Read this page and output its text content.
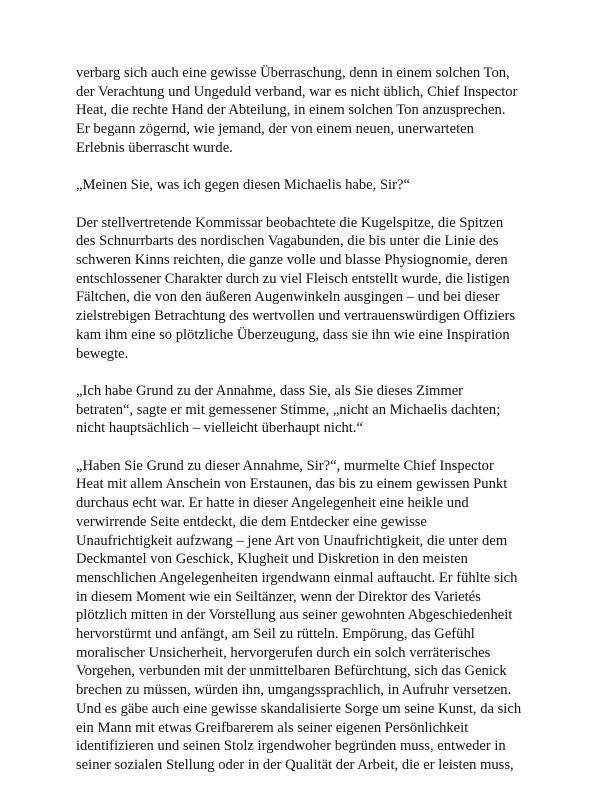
verbarg sich auch eine gewisse Überraschung, denn in einem solchen Ton,
der Verachtung und Ungeduld verband, war es nicht üblich, Chief Inspector
Heat, die rechte Hand der Abteilung, in einem solchen Ton anzusprechen.
Er begann zögernd, wie jemand, der von einem neuen, unerwarteten
Erlebnis überrascht wurde.

„Meinen Sie, was ich gegen diesen Michaelis habe, Sir?“

Der stellvertretende Kommissar beobachtete die Kugelspitze, die Spitzen
des Schnurrbarts des nordischen Vagabunden, die bis unter die Linie des
schweren Kinns reichten, die ganze volle und blasse Physiognomie, deren
entschlossener Charakter durch zu viel Fleisch entstellt wurde, die listigen
Fältchen, die von den äußeren Augenwinkeln ausgingen – und bei dieser
zielstrebigen Betrachtung des wertvollen und vertrauenswürdigen Offiziers
kam ihm eine so plötzliche Überzeugung, dass sie ihn wie eine Inspiration
bewegte.

„Ich habe Grund zu der Annahme, dass Sie, als Sie dieses Zimmer
betraten“, sagte er mit gemessener Stimme, „nicht an Michaelis dachten;
nicht hauptsächlich – vielleicht überhaupt nicht.“

„Haben Sie Grund zu dieser Annahme, Sir?“, murmelte Chief Inspector
Heat mit allem Anschein von Erstaunen, das bis zu einem gewissen Punkt
durchaus echt war. Er hatte in dieser Angelegenheit eine heikle und
verwirrende Seite entdeckt, die dem Entdecker eine gewisse
Unaufrichtigkeit aufzwang – jene Art von Unaufrichtigkeit, die unter dem
Deckmantel von Geschick, Klugheit und Diskretion in den meisten
menschlichen Angelegenheiten irgendwann einmal auftaucht. Er fühlte sich
in diesem Moment wie ein Seiltänzer, wenn der Direktor des Varietés
plötzlich mitten in der Vorstellung aus seiner gewohnten Abgeschiedenheit
hervorstürmt und anfängt, am Seil zu rütteln. Empörung, das Gefühl
moralischer Unsicherheit, hervorgerufen durch ein solch verräterisches
Vorgehen, verbunden mit der unmittelbaren Befürchtung, sich das Genick
brechen zu müssen, würden ihn, umgangssprachlich, in Aufruhr versetzen.
Und es gäbe auch eine gewisse skandalisierte Sorge um seine Kunst, da sich
ein Mann mit etwas Greifbarerem als seiner eigenen Persönlichkeit
identifizieren und seinen Stolz irgendwoher begründen muss, entweder in
seiner sozialen Stellung oder in der Qualität der Arbeit, die er leisten muss,
